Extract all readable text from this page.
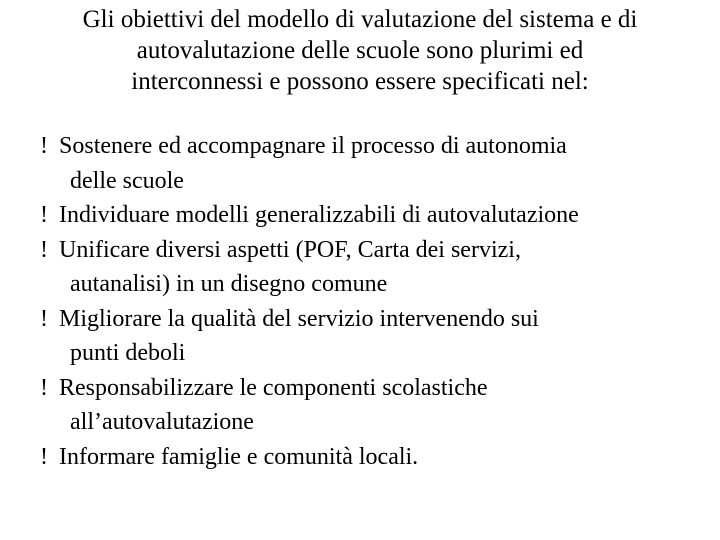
Gli obiettivi del modello di valutazione del sistema e di
autovalutazione delle scuole sono plurimi ed
interconnessi e possono essere specificati nel:
! Sostenere ed accompagnare il processo di autonomia
delle scuole
! Individuare modelli generalizzabili di autovalutazione
! Unificare diversi aspetti (POF, Carta dei servizi,
autanalisi) in un disegno comune
! Migliorare la qualità del servizio intervenendo sui
punti deboli
! Responsabilizzare le componenti scolastiche
all’autovalutazione
! Informare famiglie e comunità locali.
